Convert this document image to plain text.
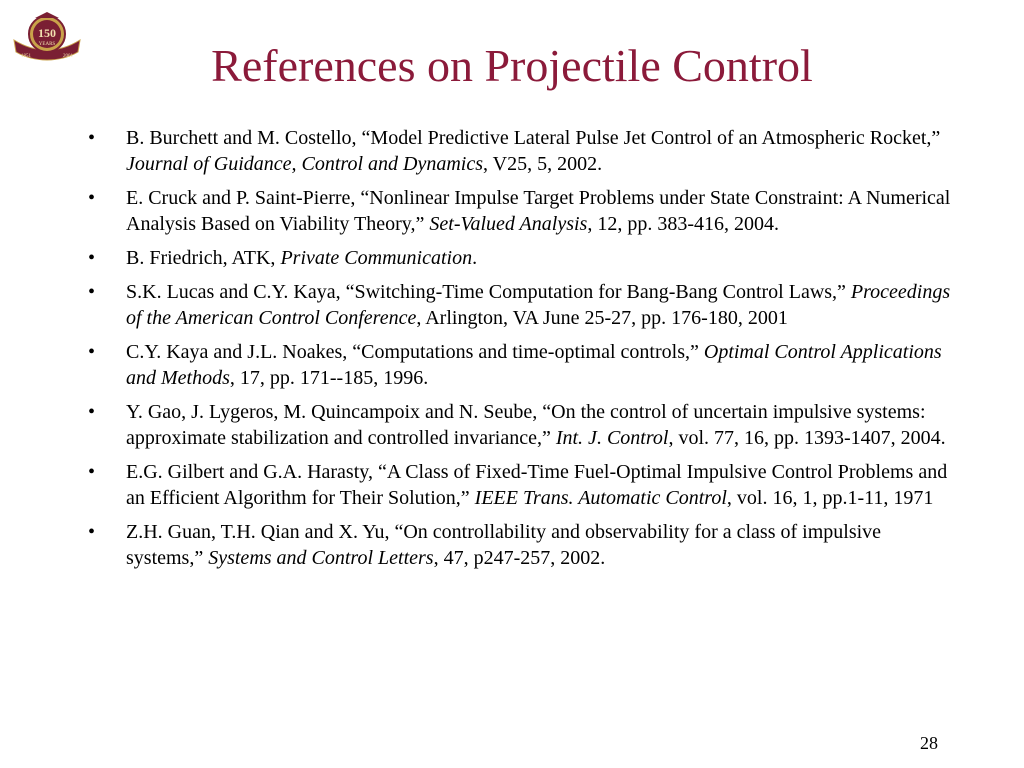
150
YEARS
1851	2001	References on Projectile Control
• B. Burchett and M. Costello, “Model Predictive Lateral Pulse Jet Control of an Atmospheric Rocket,” Journal of Guidance, Control and Dynamics, V25, 5, 2002.
• E. Cruck and P. Saint-Pierre, “Nonlinear Impulse Target Problems under State Constraint: A Numerical Analysis Based on Viability Theory,” Set-Valued Analysis, 12, pp. 383-416, 2004.
• B. Friedrich, ATK, Private Communication.
• S.K. Lucas and C.Y. Kaya, “Switching-Time Computation for Bang-Bang Control Laws,” Proceedings of the American Control Conference, Arlington, VA June 25-27, pp. 176-180, 2001
• C.Y. Kaya and J.L. Noakes, “Computations and time-optimal controls,” Optimal Control Applications and Methods, 17, pp. 171--185, 1996.
• Y. Gao, J. Lygeros, M. Quincampoix and N. Seube, “On the control of uncertain impulsive systems: approximate stabilization and controlled invariance,” Int. J. Control, vol. 77, 16, pp. 1393-1407, 2004.
• E.G. Gilbert and G.A. Harasty, “A Class of Fixed-Time Fuel-Optimal Impulsive Control Problems and an Efficient Algorithm for Their Solution,” IEEE Trans. Automatic Control, vol. 16, 1, pp.1-11, 1971
• Z.H. Guan, T.H. Qian and X. Yu, “On controllability and observability for a class of impulsive systems,” Systems and Control Letters, 47, p247-257, 2002.
28
